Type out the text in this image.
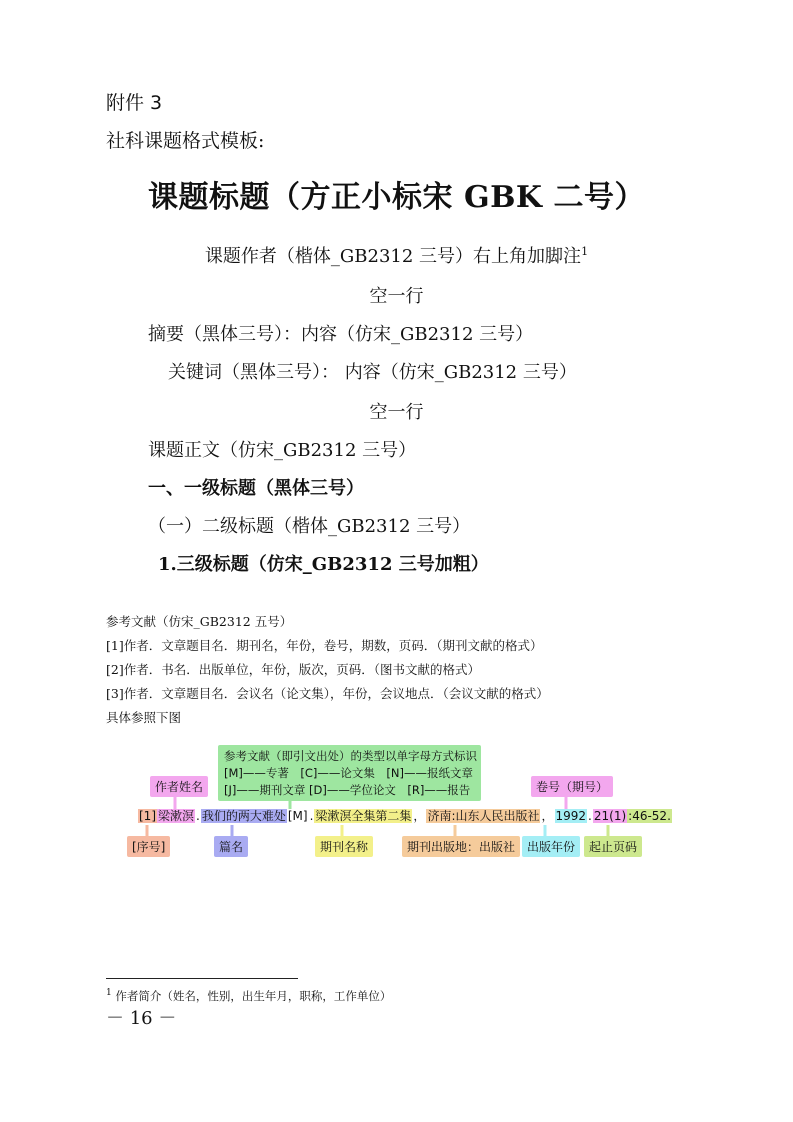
附件 3
社科课题格式模板:
课题标题（方正小标宋 GBK 二号）
课题作者（楷体_GB2312 三号）右上角加脚注$^1$
空一行
摘要（黑体三号）：内容（仿宋_GB2312 三号）
关键词（黑体三号）： 内容（仿宋_GB2312 三号）
空一行
课题正文（仿宋_GB2312 三号）
一、一级标题（黑体三号）
（一）二级标题（楷体_GB2312 三号）
1.三级标题（仿宋_GB2312 三号加粗）
参考文献（仿宋_GB2312 五号）
[1]作者．文章题目名．期刊名，年份，卷号，期数，页码．（期刊文献的格式）
[2]作者．书名．出版单位，年份，版次，页码．（图书文献的格式）
[3]作者．文章题目名．会议名（论文集），年份，会议地点．（会议文献的格式）
具体参照下图
参考文献（即引文出处）的类型以单字母方式标识
[M]——专著　[C]——论文集　[N]——报纸文章
[J]——期刊文章 [D]——学位论文　[R]——报告
作者姓名	卷号（期号）
[1] 梁漱溟 . 我们的两大难处 [M] . 梁漱溟全集第二集 ， 济南:山东人民出版社 ， 1992 . 21(1) :46-52.
[序号]	篇名	期刊名称	期刊出版地：出版社 出版年份	起止页码
$^1$ 作者简介（姓名，性别，出生年月，职称，工作单位）
－ 16 －
